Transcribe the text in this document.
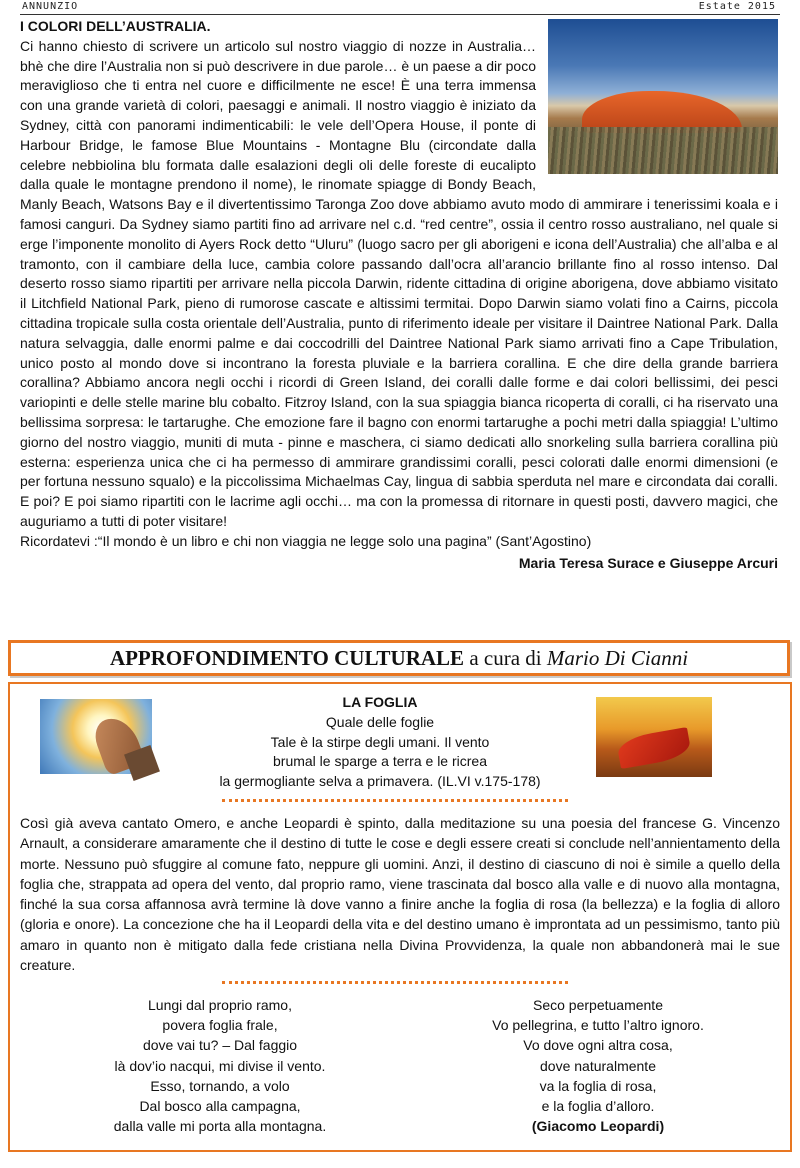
ANNUNZIO	Estate 2015

I COLORI DELL’AUSTRALIA.
Ci hanno chiesto di scrivere un articolo sul nostro viaggio di nozze in Australia… bhè che dire l’Australia non si può descrivere in due parole… è un paese a dir poco meraviglioso che ti entra nel cuore e difficilmente ne esce! È una terra immensa con una grande varietà di colori, paesaggi e animali. Il nostro viaggio è iniziato da Sydney, città con panorami indimenticabili: le vele dell’Opera House, il ponte di Harbour Bridge, le famose Blue Mountains - Montagne Blu (circondate dalla celebre nebbiolina blu formata dalle esalazioni degli oli delle foreste di eucalipto dalla quale le montagne prendono il nome), le rinomate spiagge di Bondy Beach, Manly Beach, Watsons Bay e il divertentissimo Taronga Zoo dove abbiamo avuto modo di ammirare i tenerissimi koala e i famosi canguri. Da Sydney siamo partiti fino ad arrivare nel c.d. “red centre”, ossia il centro rosso australiano, nel quale si erge l’imponente monolito di Ayers Rock detto “Uluru” (luogo sacro per gli aborigeni e icona dell’Australia) che all’alba e al tramonto, con il cambiare della luce, cambia colore passando dall’ocra all’arancio brillante fino al rosso intenso. Dal deserto rosso siamo ripartiti per arrivare nella piccola Darwin, ridente cittadina di origine aborigena, dove abbiamo visitato il Litchfield National Park, pieno di rumorose cascate e altissimi termitai. Dopo Darwin siamo volati fino a Cairns, piccola cittadina tropicale sulla costa orientale dell’Australia, punto di riferimento ideale per visitare il Daintree National Park. Dalla natura selvaggia, dalle enormi palme e dai coccodrilli del Daintree National Park siamo arrivati fino a Cape Tribulation, unico posto al mondo dove si incontrano la foresta pluviale e la barriera corallina. E che dire della grande barriera corallina? Abbiamo ancora negli occhi i ricordi di Green Island, dei coralli dalle forme e dai colori bellissimi, dei pesci variopinti e delle stelle marine blu cobalto. Fitzroy Island, con la sua spiaggia bianca ricoperta di coralli, ci ha riservato una bellissima sorpresa: le tartarughe. Che emozione fare il bagno con enormi tartarughe a pochi metri dalla spiaggia! L’ultimo giorno del nostro viaggio, muniti di muta - pinne e maschera, ci siamo dedicati allo snorkeling sulla barriera corallina più esterna: esperienza unica che ci ha permesso di ammirare grandissimi coralli, pesci colorati dalle enormi dimensioni (e per fortuna nessuno squalo) e la piccolissima Michaelmas Cay, lingua di sabbia sperduta nel mare e circondata dai coralli. E poi? E poi siamo ripartiti con le lacrime agli occhi… ma con la promessa di ritornare in questi posti, davvero magici, che auguriamo a tutti di poter visitare!
Ricordatevi :“Il mondo è un libro e chi non viaggia ne legge solo una pagina” (Sant’Agostino)
Maria Teresa Surace e Giuseppe Arcuri

APPROFONDIMENTO CULTURALE a cura di Mario Di Cianni
LA FOGLIA
Quale delle foglie
Tale è la stirpe degli umani. Il vento
brumal le sparge a terra e le ricrea
la germogliante selva a primavera. (IL.VI v.175-178)

Così già aveva cantato Omero, e anche Leopardi è spinto, dalla meditazione su una poesia del francese G. Vincenzo Arnault, a considerare amaramente che il destino di tutte le cose e degli essere creati si conclude nell’annientamento della morte. Nessuno può sfuggire al comune fato, neppure gli uomini. Anzi, il destino di ciascuno di noi è simile a quello della foglia che, strappata ad opera del vento, dal proprio ramo, viene trascinata dal bosco alla valle e di nuovo alla montagna, finché la sua corsa affannosa avrà termine là dove vanno a finire anche la foglia di rosa (la bellezza) e la foglia di alloro (gloria e onore). La concezione che ha il Leopardi della vita e del destino umano è improntata ad un pessimismo, tanto più amaro in quanto non è mitigato dalla fede cristiana nella Divina Provvidenza, la quale non abbandonerà mai le sue creature.

Lungi dal proprio ramo,
povera foglia frale,
dove vai tu? – Dal faggio
là dov’io nacqui, mi divise il vento.
Esso, tornando, a volo
Dal bosco alla campagna,
dalla valle mi porta alla montagna.
Seco perpetuamente
Vo pellegrina, e tutto l’altro ignoro.
Vo dove ogni altra cosa,
dove naturalmente
va la foglia di rosa,
e la foglia d’alloro.
(Giacomo Leopardi)
